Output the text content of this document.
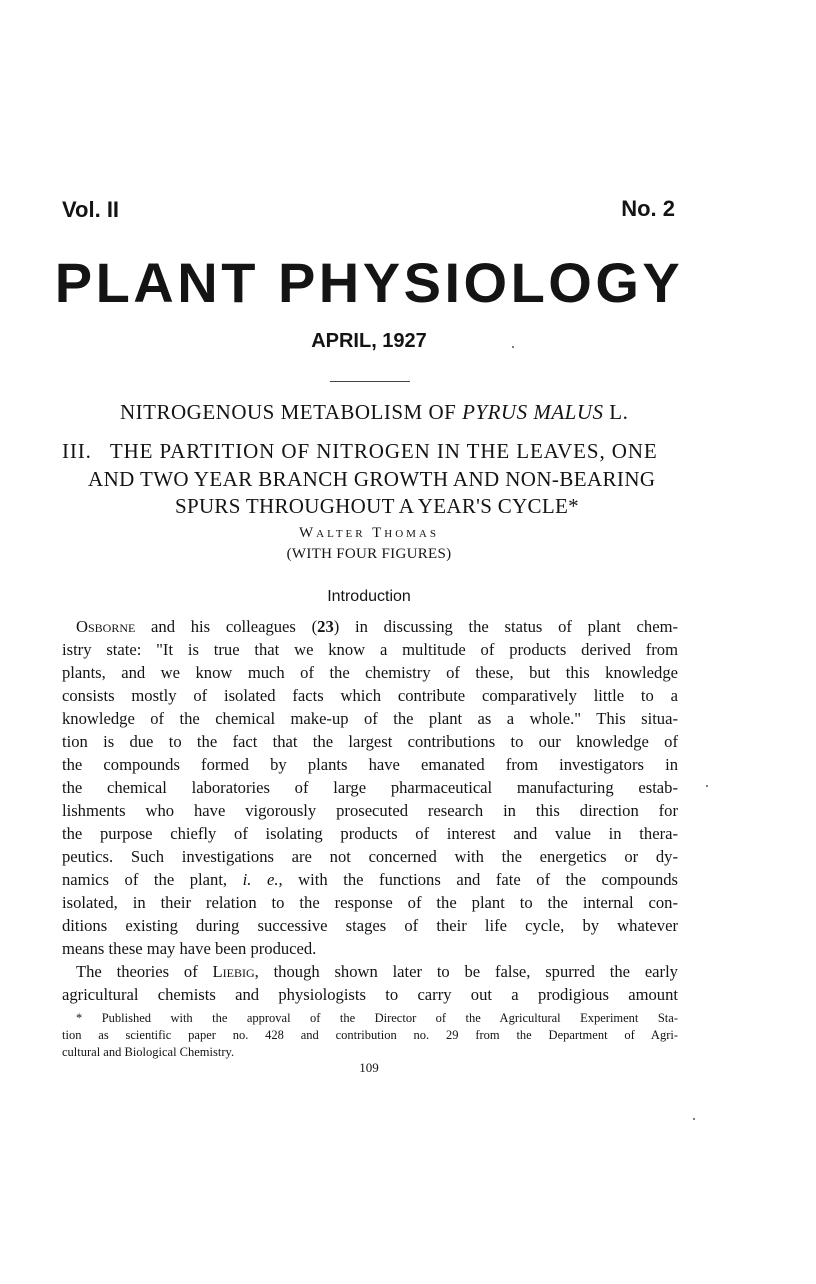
Vol. II	No. 2
PLANT PHYSIOLOGY
APRIL, 1927
NITROGENOUS METABOLISM OF PYRUS MALUS L.
III. THE PARTITION OF NITROGEN IN THE LEAVES, ONE
AND TWO YEAR BRANCH GROWTH AND NON-BEARING
SPURS THROUGHOUT A YEAR'S CYCLE*
Walter Thomas
(WITH FOUR FIGURES)
Introduction
Osborne and his colleagues (23) in discussing the status of plant chem-
istry state: "It is true that we know a multitude of products derived from
plants, and we know much of the chemistry of these, but this knowledge
consists mostly of isolated facts which contribute comparatively little to a
knowledge of the chemical make-up of the plant as a whole." This situa-
tion is due to the fact that the largest contributions to our knowledge of
the compounds formed by plants have emanated from investigators in
the chemical laboratories of large pharmaceutical manufacturing estab-
lishments who have vigorously prosecuted research in this direction for
the purpose chiefly of isolating products of interest and value in thera-
peutics. Such investigations are not concerned with the energetics or dy-
namics of the plant, i. e., with the functions and fate of the compounds
isolated, in their relation to the response of the plant to the internal con-
ditions existing during successive stages of their life cycle, by whatever
means these may have been produced.
The theories of Liebig, though shown later to be false, spurred the early
agricultural chemists and physiologists to carry out a prodigious amount
* Published with the approval of the Director of the Agricultural Experiment Sta-
tion as scientific paper no. 428 and contribution no. 29 from the Department of Agri-
cultural and Biological Chemistry.
109
